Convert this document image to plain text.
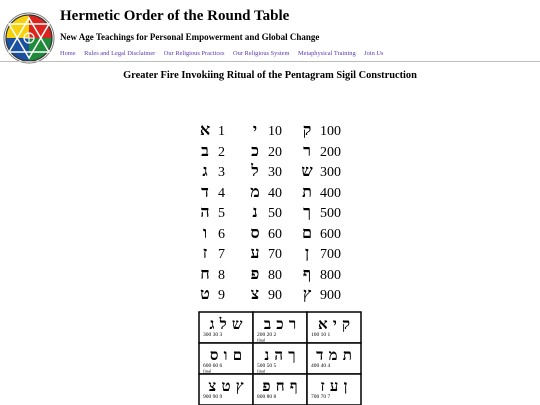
Hermetic Order of the Round Table
New Age Teachings for Personal Empowerment and Global Change
Home Rules and Legal Disclaimer Our Religious Practices Our Religious System Metaphysical Training Join Us
Greater Fire Invokiing Ritual of the Pentagram Sigil Construction
א 1	י 10 ק 100
ב 2 כ 20 ר 200
ג 3 ל 30 ש 300
ד 4 מ 40 ת 400
ה 5 נ 50 ך 500
ו 6 ס 60 ם 600
ז 7 ע 70	ן 700
ח 8 פ 80 ף 800
ט 9 צ 90 ץ 900
ש ל ג
300 30 3
ר כ ב
200 20 2
final
ק י א
100 10 1
ם ו ס
600 60 6
final
ך ה נ
500 50 5
final
ת מ ד
400 40 4
ץ ט צ
900 90 9
ף ח פ
800 80 8
ן ע ז
700 70 7
